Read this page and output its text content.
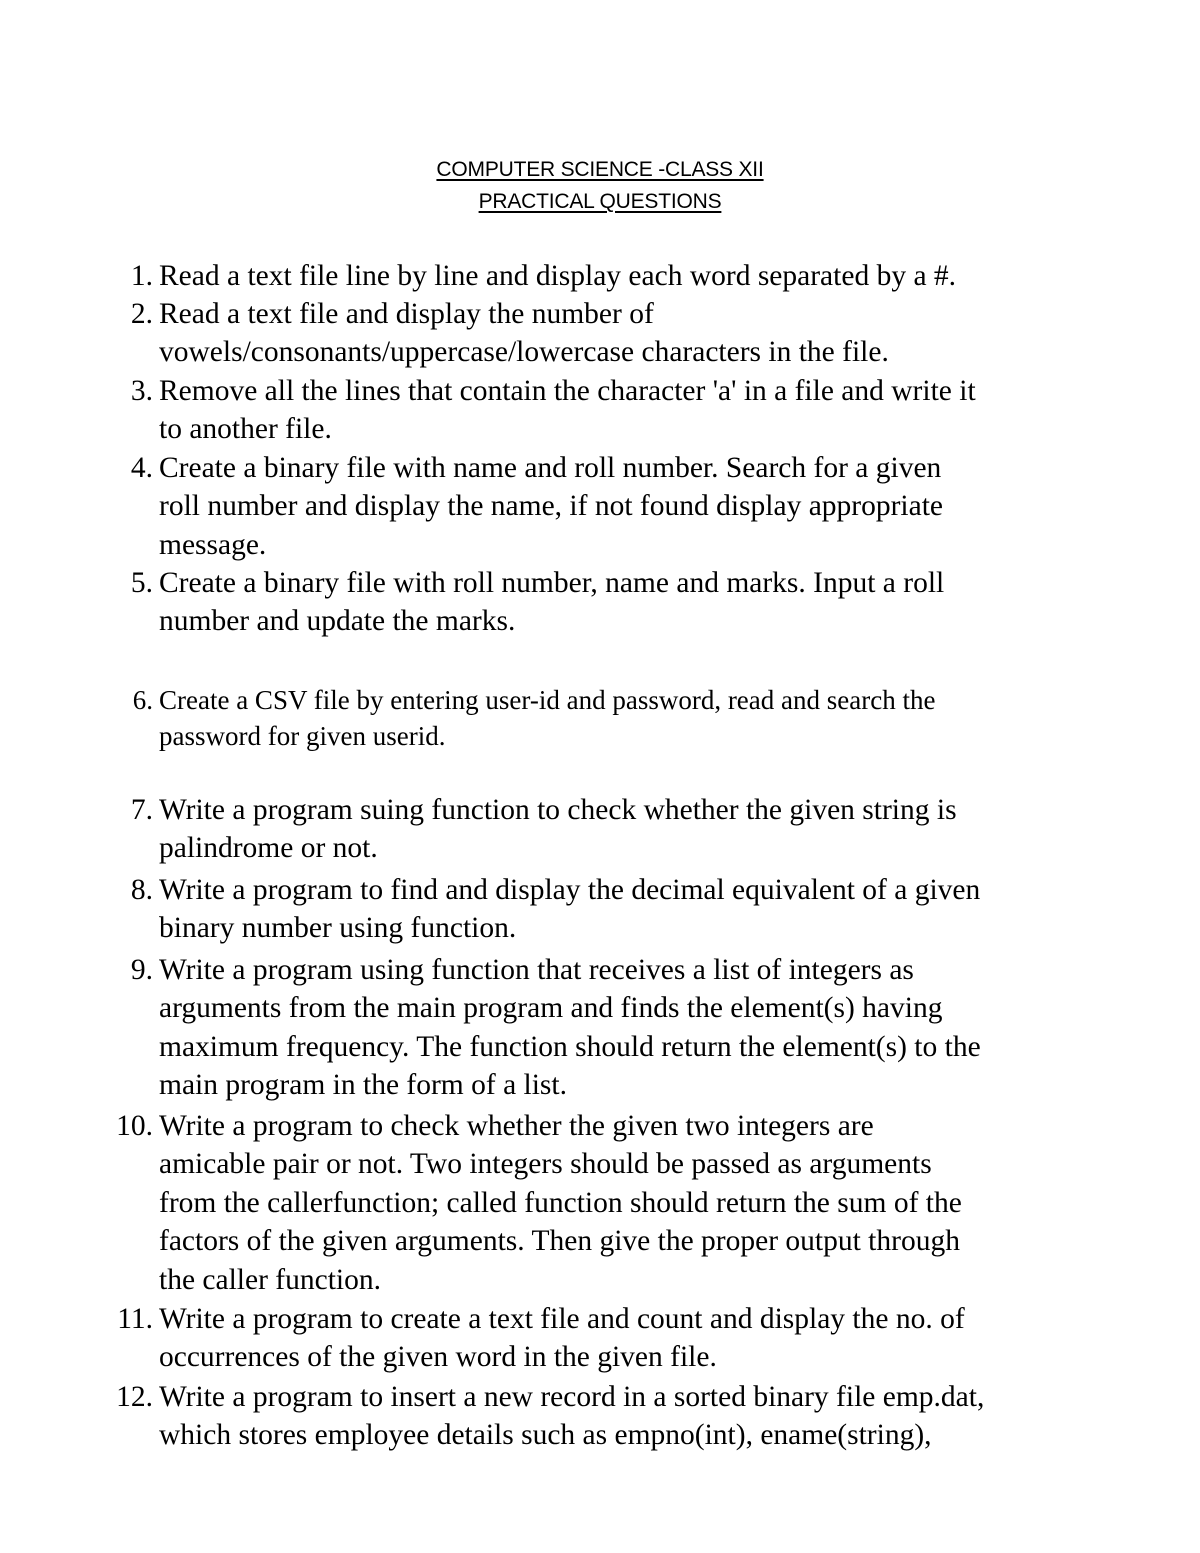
COMPUTER SCIENCE -CLASS XII
PRACTICAL QUESTIONS
1. Read a text file line by line and display each word separated by a #.
2. Read a text file and display the number of
vowels/consonants/uppercase/lowercase characters in the file.
3. Remove all the lines that contain the character 'a' in a file and write it
to another file.
4. Create a binary file with name and roll number. Search for a given
roll number and display the name, if not found display appropriate
message.
5. Create a binary file with roll number, name and marks. Input a roll
number and update the marks.
6. Create a CSV file by entering user-id and password, read and search the
password for given userid.
7. Write a program suing function to check whether the given string is
palindrome or not.
8. Write a program to find and display the decimal equivalent of a given
binary number using function.
9. Write a program using function that receives a list of integers as
arguments from the main program and finds the element(s) having
maximum frequency. The function should return the element(s) to the
main program in the form of a list.
10. Write a program to check whether the given two integers are
amicable pair or not. Two integers should be passed as arguments
from the callerfunction; called function should return the sum of the
factors of the given arguments. Then give the proper output through
the caller function.
11. Write a program to create a text file and count and display the no. of
occurrences of the given word in the given file.
12. Write a program to insert a new record in a sorted binary file emp.dat,
which stores employee details such as empno(int), ename(string),
